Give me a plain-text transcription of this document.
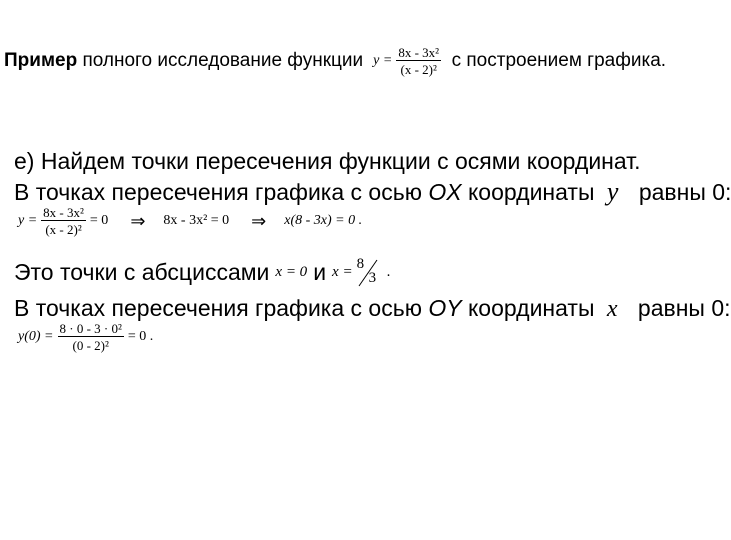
Пример
полного исследование функции $y = \frac{\text{8x - 3x²}}{\text{(x - 2)²}}$
с построением графика.
е) Найдем точки пересечения функции с осями координат.
В точках пересечения графика с осью OX координаты y равны 0:
$y = \frac{\text{8x - 3x²}}{\text{(x - 2)²}} = 0$ ⇒ 8x - 3x² = 0 ⇒ x(8 - 3x) = 0 .
Это точки с абсциссами x = 0 и x = 8
3 .
В точках пересечения графика с осью OY координаты x равны 0:
$y(0) = \frac{\text{8 · 0 - 3 · 0²}}{\text{(0 - 2)²}} = 0$ .
